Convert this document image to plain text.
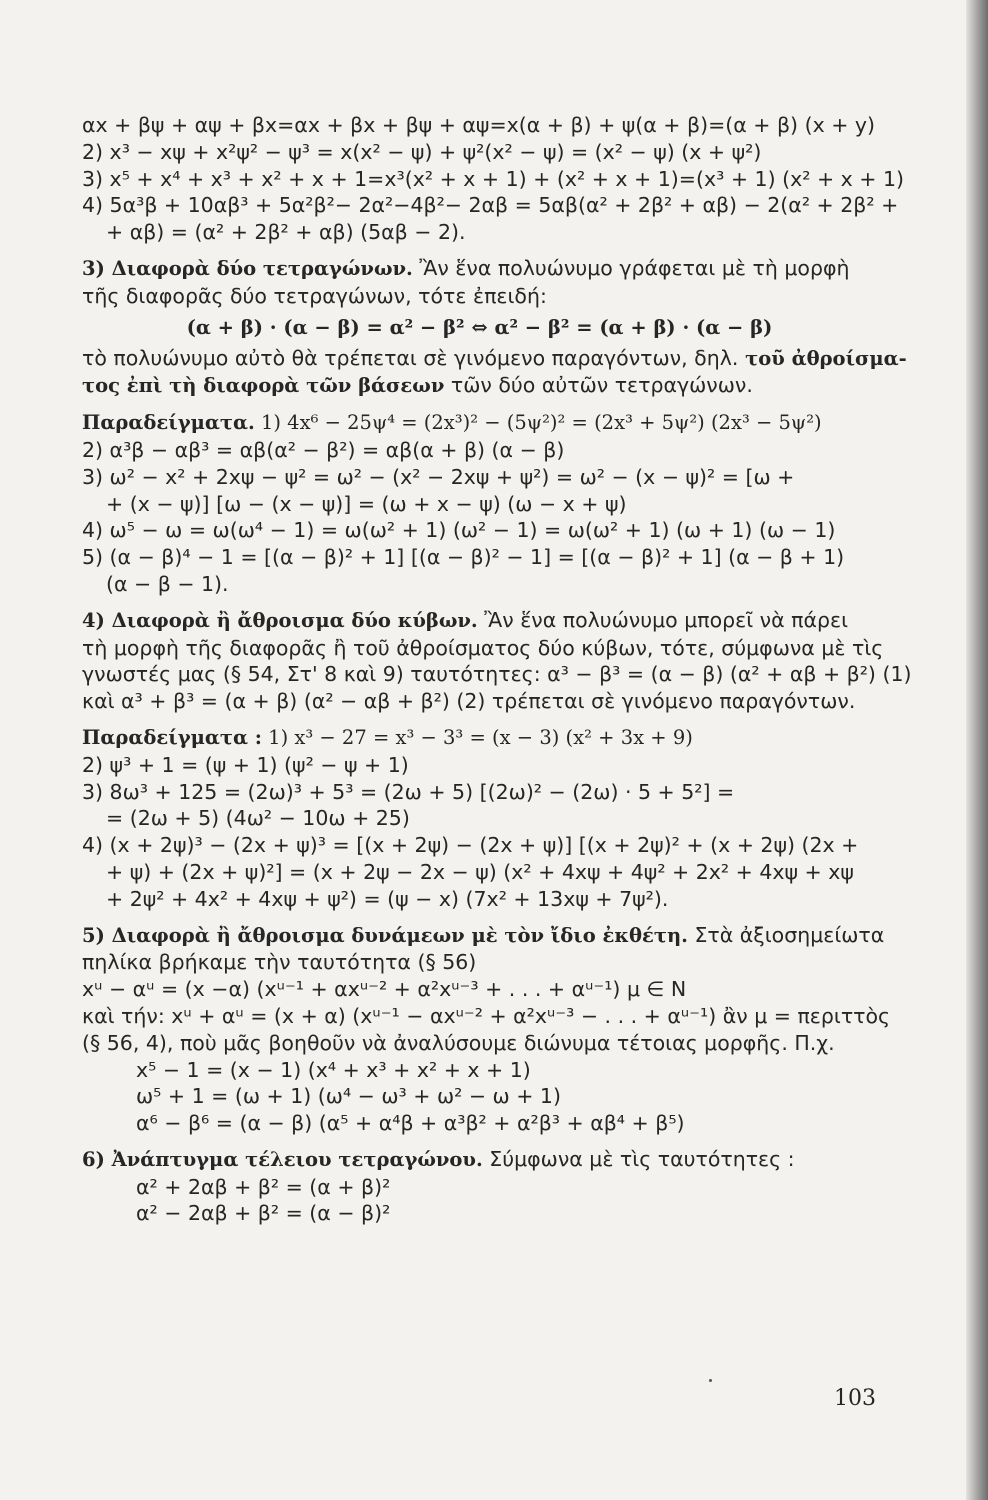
αx + βψ + αψ + βx=αx + βx + βψ + αψ=x(α + β) + ψ(α + β)=(α + β) (x + y)
2) x³ − xψ + x²ψ² − ψ³ = x(x² − ψ) + ψ²(x² − ψ) = (x² − ψ) (x + ψ²)
3) x⁵ + x⁴ + x³ + x² + x + 1=x³(x² + x + 1) + (x² + x + 1)=(x³ + 1) (x² + x + 1)
4) 5α³β + 10αβ³ + 5α²β²− 2α²−4β²− 2αβ = 5αβ(α² + 2β² + αβ) − 2(α² + 2β² +
+ αβ) = (α² + 2β² + αβ) (5αβ − 2).
3) Διαφορὰ δύο τετραγώνων. Ἂν ἕνα πολυώνυμο γράφεται μὲ τὴ μορφὴ
τῆς διαφορᾶς δύο τετραγώνων, τότε ἐπειδή:
(α + β) · (α − β) = α² − β² ⇔ α² − β² = (α + β) · (α − β)
τὸ πολυώνυμο αὐτὸ θὰ τρέπεται σὲ γινόμενο παραγόντων, δηλ. τοῦ ἀθροίσμα-
τος ἐπὶ τὴ διαφορὰ τῶν βάσεων τῶν δύο αὐτῶν τετραγώνων.
Παραδείγματα. 1) 4x⁶ − 25ψ⁴ = (2x³)² − (5ψ²)² = (2x³ + 5ψ²) (2x³ − 5ψ²)
2) α³β − αβ³ = αβ(α² − β²) = αβ(α + β) (α − β)
3) ω² − x² + 2xψ − ψ² = ω² − (x² − 2xψ + ψ²) = ω² − (x − ψ)² = [ω +
+ (x − ψ)] [ω − (x − ψ)] = (ω + x − ψ) (ω − x + ψ)
4) ω⁵ − ω = ω(ω⁴ − 1) = ω(ω² + 1) (ω² − 1) = ω(ω² + 1) (ω + 1) (ω − 1)
5) (α − β)⁴ − 1 = [(α − β)² + 1] [(α − β)² − 1] = [(α − β)² + 1] (α − β + 1)
(α − β − 1).
4) Διαφορὰ ἢ ἄθροισμα δύο κύβων. Ἂν ἕνα πολυώνυμο μπορεῖ νὰ πάρει
τὴ μορφὴ τῆς διαφορᾶς ἢ τοῦ ἀθροίσματος δύο κύβων, τότε, σύμφωνα μὲ τὶς
γνωστές μας (§ 54, Στ' 8 καὶ 9) ταυτότητες: α³ − β³ = (α − β) (α² + αβ + β²) (1)
καὶ α³ + β³ = (α + β) (α² − αβ + β²) (2) τρέπεται σὲ γινόμενο παραγόντων.
Παραδείγματα : 1) x³ − 27 = x³ − 3³ = (x − 3) (x² + 3x + 9)
2) ψ³ + 1 = (ψ + 1) (ψ² − ψ + 1)
3) 8ω³ + 125 = (2ω)³ + 5³ = (2ω + 5) [(2ω)² − (2ω) · 5 + 5²] =
= (2ω + 5) (4ω² − 10ω + 25)
4) (x + 2ψ)³ − (2x + ψ)³ = [(x + 2ψ) − (2x + ψ)] [(x + 2ψ)² + (x + 2ψ) (2x +
+ ψ) + (2x + ψ)²] = (x + 2ψ − 2x − ψ) (x² + 4xψ + 4ψ² + 2x² + 4xψ + xψ
+ 2ψ² + 4x² + 4xψ + ψ²) = (ψ − x) (7x² + 13xψ + 7ψ²).
5) Διαφορὰ ἢ ἄθροισμα δυνάμεων μὲ τὸν ἴδιο ἐκθέτη. Στὰ ἀξιοσημείωτα
πηλίκα βρήκαμε τὴν ταυτότητα (§ 56)
xᵘ − αᵘ = (x −α) (xᵘ⁻¹ + αxᵘ⁻² + α²xᵘ⁻³ + . . . + αᵘ⁻¹) μ ∈ N
καὶ τήν: xᵘ + αᵘ = (x + α) (xᵘ⁻¹ − αxᵘ⁻² + α²xᵘ⁻³ − . . . + αᵘ⁻¹) ἂν μ = περιττὸς
(§ 56, 4), ποὺ μᾶς βοηθοῦν νὰ ἀναλύσουμε διώνυμα τέτοιας μορφῆς. Π.χ.
x⁵ − 1 = (x − 1) (x⁴ + x³ + x² + x + 1)
ω⁵ + 1 = (ω + 1) (ω⁴ − ω³ + ω² − ω + 1)
α⁶ − β⁶ = (α − β) (α⁵ + α⁴β + α³β² + α²β³ + αβ⁴ + β⁵)
6) Ἀνάπτυγμα τέλειου τετραγώνου. Σύμφωνα μὲ τὶς ταυτότητες :
α² + 2αβ + β² = (α + β)²
α² − 2αβ + β² = (α − β)²
103
